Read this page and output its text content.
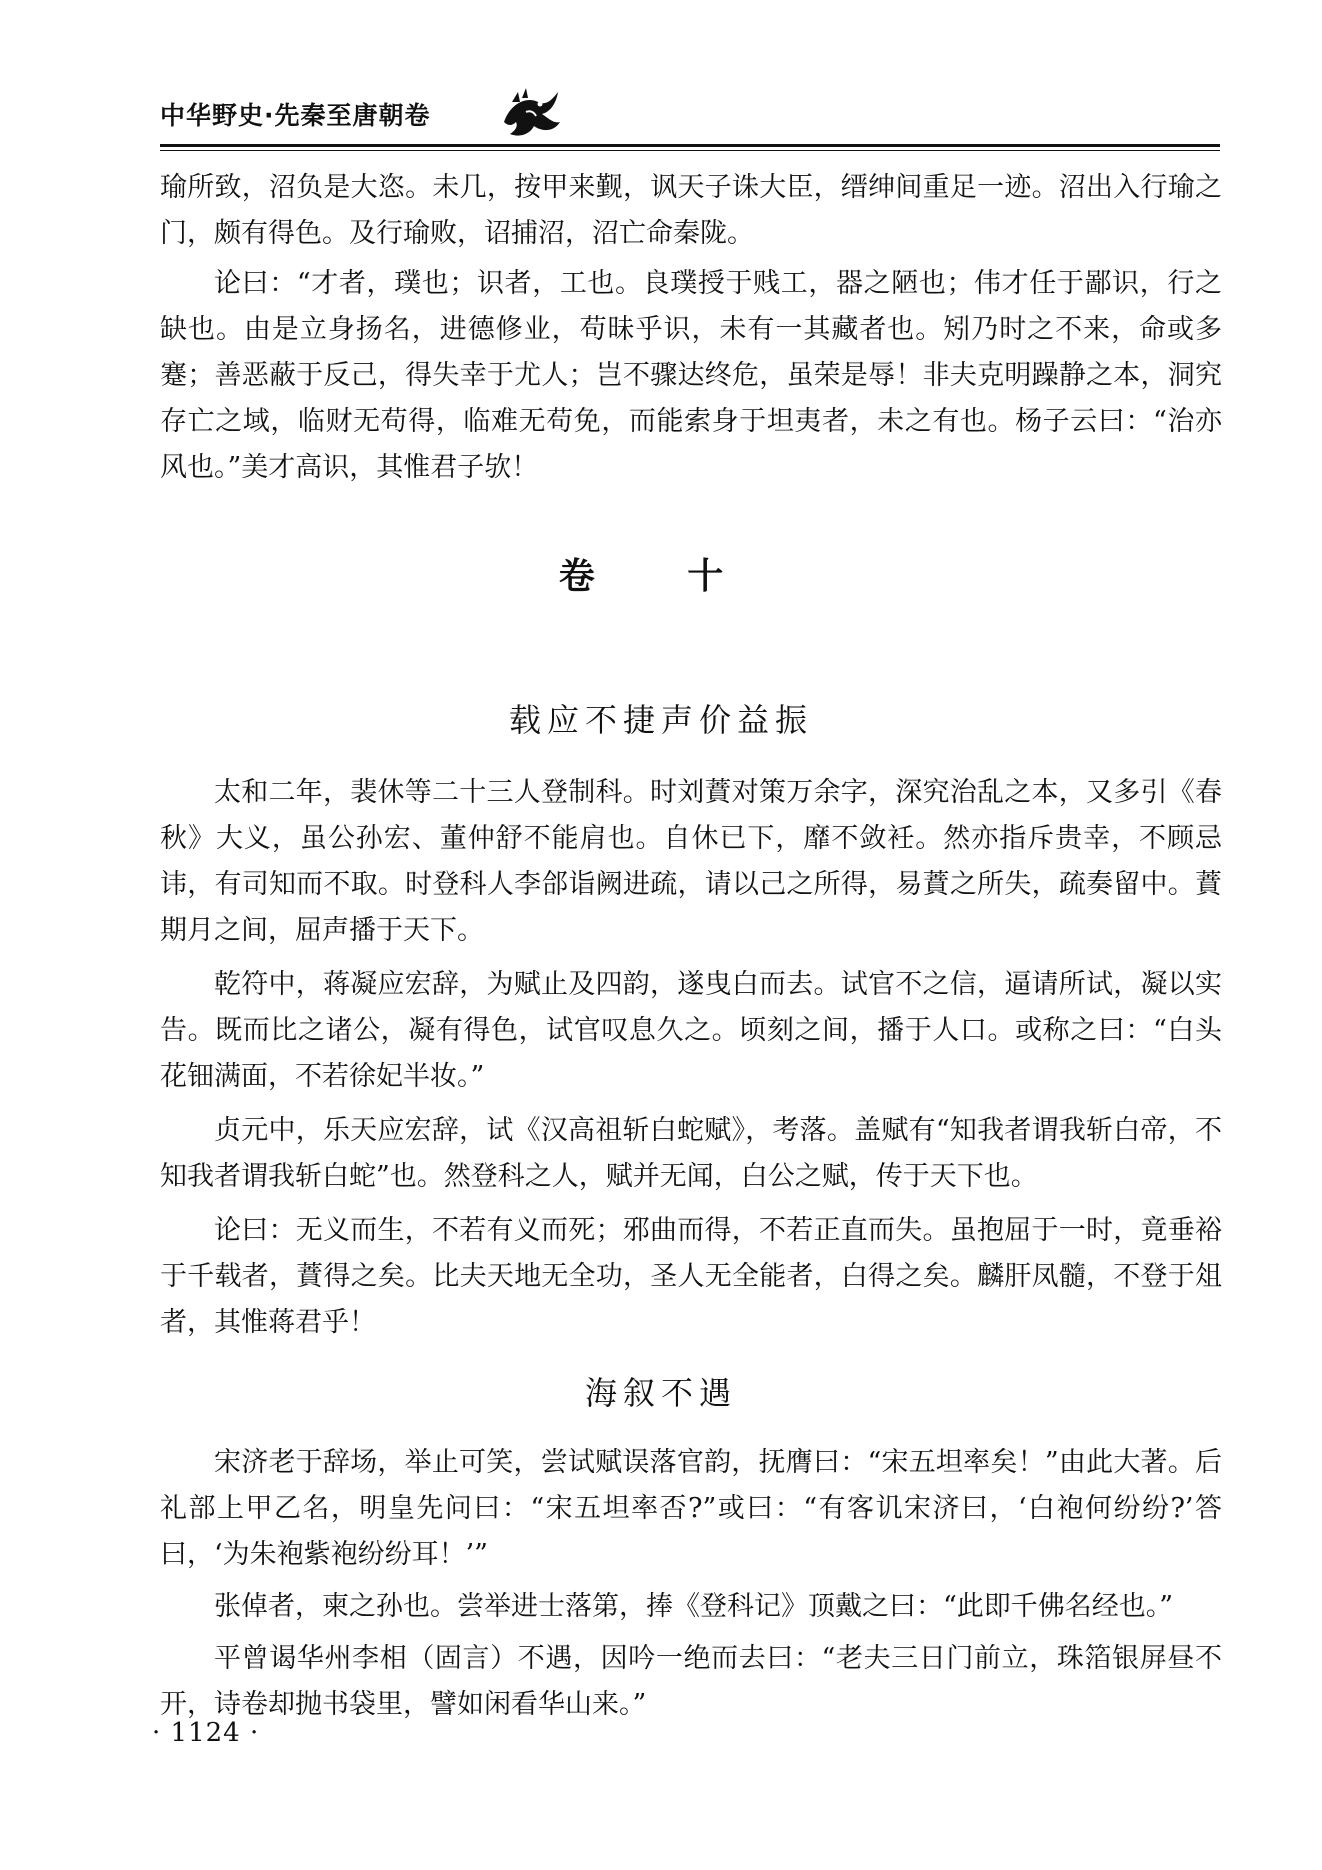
中华野史·先秦至唐朝卷

瑜所致，沼负是大恣。未几，按甲来觐，讽天子诛大臣，缙绅间重足一迹。沼出入行瑜之门，颇有得色。及行瑜败，诏捕沼，沼亡命秦陇。

论曰：“才者，璞也；识者，工也。良璞授于贱工，器之陋也；伟才任于鄙识，行之缺也。由是立身扬名，进德修业，苟昧乎识，未有一其藏者也。矧乃时之不来，命或多蹇；善恶蔽于反己，得失幸于尤人；岂不骤达终危，虽荣是辱！非夫克明躁静之本，洞究存亡之域，临财无苟得，临难无苟免，而能索身于坦夷者，未之有也。杨子云曰：“治亦风也。”美才高识，其惟君子欤！

卷 十
载应不捷声价益振

太和二年，裴休等二十三人登制科。时刘蕡对策万余字，深究治乱之本，又多引《春秋》大义，虽公孙宏、董仲舒不能肩也。自休已下，靡不敛衽。然亦指斥贵幸，不顾忌讳，有司知而不取。时登科人李郃诣阙进疏，请以己之所得，易蕡之所失，疏奏留中。蕡期月之间，屈声播于天下。

乾符中，蒋凝应宏辞，为赋止及四韵，遂曳白而去。试官不之信，逼请所试，凝以实告。既而比之诸公，凝有得色，试官叹息久之。顷刻之间，播于人口。或称之曰：“白头花钿满面，不若徐妃半妆。”

贞元中，乐天应宏辞，试《汉高祖斩白蛇赋》，考落。盖赋有“知我者谓我斩白帝，不知我者谓我斩白蛇”也。然登科之人，赋并无闻，白公之赋，传于天下也。

论曰：无义而生，不若有义而死；邪曲而得，不若正直而失。虽抱屈于一时，竟垂裕于千载者，蕡得之矣。比夫天地无全功，圣人无全能者，白得之矣。麟肝凤髓，不登于俎者，其惟蒋君乎！

海叙不遇

宋济老于辞场，举止可笑，尝试赋误落官韵，抚膺曰：“宋五坦率矣！”由此大著。后礼部上甲乙名，明皇先问曰：“宋五坦率否?”或曰：“有客讥宋济曰，‘白袍何纷纷?’答曰，‘为朱袍紫袍纷纷耳！’”

张倬者，柬之孙也。尝举进士落第，捧《登科记》顶戴之曰：“此即千佛名经也。”

平曾谒华州李相（固言）不遇，因吟一绝而去曰：“老夫三日门前立，珠箔银屏昼不开，诗卷却抛书袋里，譬如闲看华山来。”

· 1124 ·
